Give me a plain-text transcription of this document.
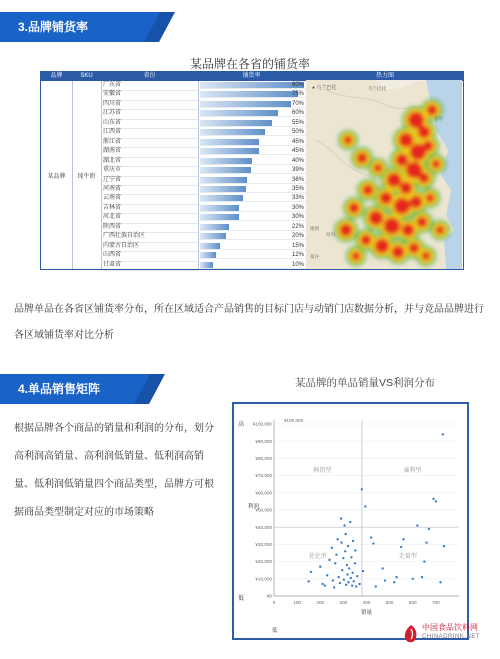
3.品牌铺货率
某品牌在各省的铺货率
品牌	SKU	省份	铺货率	热力图
某品牌	纯牛奶
广东省	80%
安徽省	75%
四川省	70%
江苏省	60%
山东省	55%
江西省	50%
浙江省	45%
湖南省	45%
湖北省	40%
重庆市	39%
辽宁省	36%
河南省	35%
云南省	33%
吉林省	30%
河北省	30%
陕西省	22%
广西壮族自治区	20%
内蒙古自治区	15%
山西省	12%
甘肃省	10%
● 乌兰巴托	乌兰巴托
首尔
曼谷
河内
地图
品牌单品在各省区铺货率分布，所在区域适合产品销售的目标门店与动销门店数据分析，并与竞品品牌进行各区域铺货率对比分析
4.单品销售矩阵
根据品牌各个商品的销量和利润的分布，划分高利润高销量、高利润低销量、低利润高销量、低利润低销量四个商品类型，品牌方可根据商品类型制定对应的市场策略
某品牌的单品销量VS利润分布
¥0
¥10,000
¥20,000
¥30,000
¥40,000
¥50,000
¥60,000
¥70,000
¥80,000
¥90,000
¥100,000
0	100	200	300	400	500	600	700
¥100,000
高
低
利润
销量
低
畅销型	暴利型
优化型	走量型
中国食品饮料网
CHINADRINK.NET
